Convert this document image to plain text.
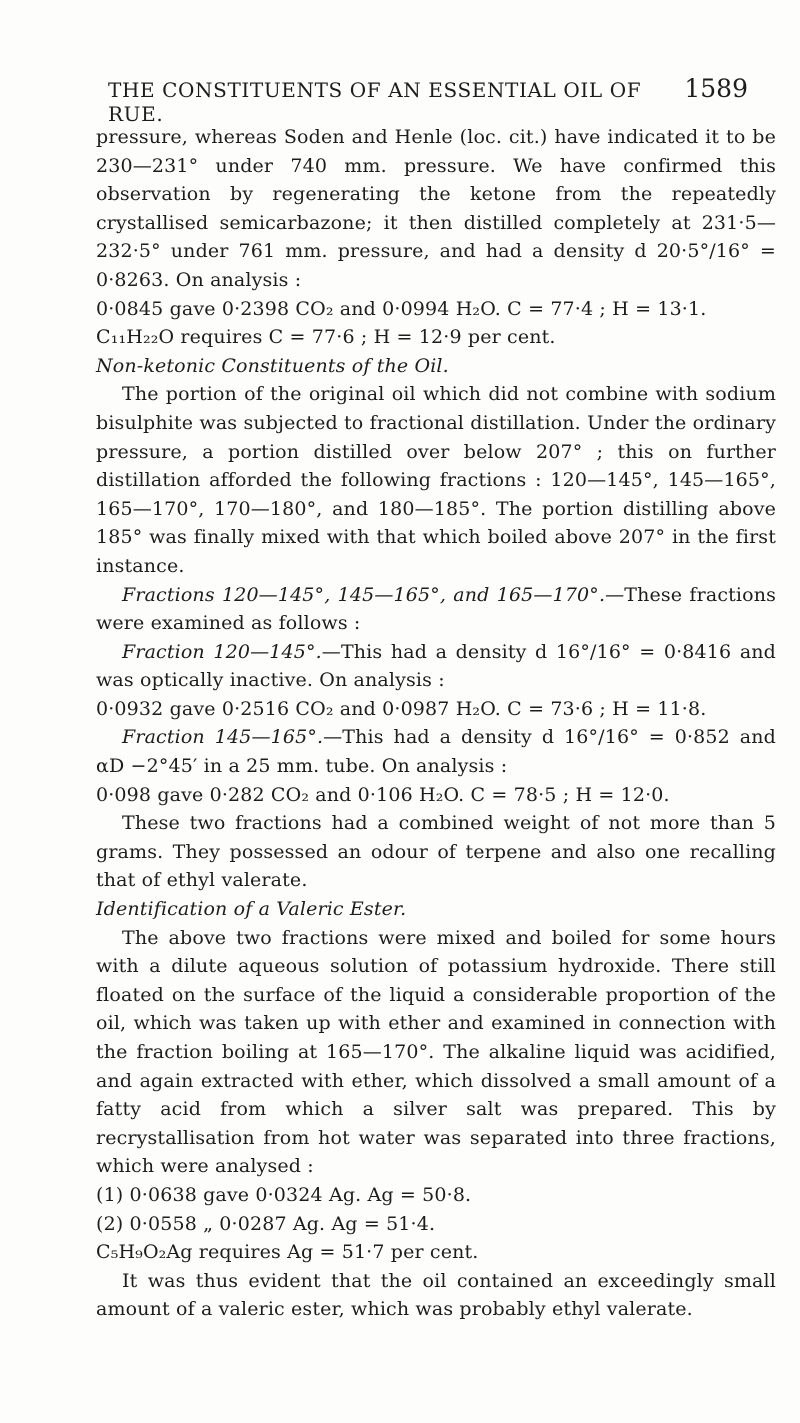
THE CONSTITUENTS OF AN ESSENTIAL OIL OF RUE.
1589

pressure, whereas Soden and Henle (loc. cit.) have indicated it to be 230—231° under 740 mm. pressure. We have confirmed this observation by regenerating the ketone from the repeatedly crystallised semicarbazone; it then distilled completely at 231·5—232·5° under 761 mm. pressure, and had a density d 20·5°/16° = 0·8263. On analysis :

0·0845 gave 0·2398 CO₂ and 0·0994 H₂O. C = 77·4 ; H = 13·1.

C₁₁H₂₂O requires C = 77·6 ; H = 12·9 per cent.

Non-ketonic Constituents of the Oil.

The portion of the original oil which did not combine with sodium bisulphite was subjected to fractional distillation. Under the ordinary pressure, a portion distilled over below 207° ; this on further distillation afforded the following fractions : 120—145°, 145—165°, 165—170°, 170—180°, and 180—185°. The portion distilling above 185° was finally mixed with that which boiled above 207° in the first instance.

Fractions 120—145°, 145—165°, and 165—170°.—These fractions were examined as follows :

Fraction 120—145°.—This had a density d 16°/16° = 0·8416 and was optically inactive. On analysis :

0·0932 gave 0·2516 CO₂ and 0·0987 H₂O. C = 73·6 ; H = 11·8.

Fraction 145—165°.—This had a density d 16°/16° = 0·852 and αD −2°45′ in a 25 mm. tube. On analysis :

0·098 gave 0·282 CO₂ and 0·106 H₂O. C = 78·5 ; H = 12·0.

These two fractions had a combined weight of not more than 5 grams. They possessed an odour of terpene and also one recalling that of ethyl valerate.

Identification of a Valeric Ester.

The above two fractions were mixed and boiled for some hours with a dilute aqueous solution of potassium hydroxide. There still floated on the surface of the liquid a considerable proportion of the oil, which was taken up with ether and examined in connection with the fraction boiling at 165—170°. The alkaline liquid was acidified, and again extracted with ether, which dissolved a small amount of a fatty acid from which a silver salt was prepared. This by recrystallisation from hot water was separated into three fractions, which were analysed :

(1) 0·0638 gave 0·0324 Ag. Ag = 50·8.

(2) 0·0558 „ 0·0287 Ag. Ag = 51·4.

C₅H₉O₂Ag requires Ag = 51·7 per cent.

It was thus evident that the oil contained an exceedingly small amount of a valeric ester, which was probably ethyl valerate.
